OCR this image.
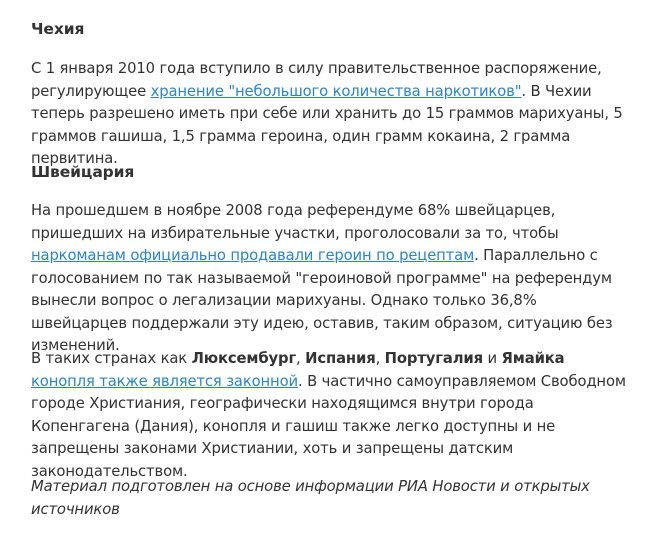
Чехия

С 1 января 2010 года вступило в силу правительственное распоряжение, регулирующее хранение "небольшого количества наркотиков". В Чехии теперь разрешено иметь при себе или хранить до 15 граммов марихуаны, 5 граммов гашиша, 1,5 грамма героина, один грамм кокаина, 2 грамма первитина.

Швейцария

На прошедшем в ноябре 2008 года референдуме 68% швейцарцев, пришедших на избирательные участки, проголосовали за то, чтобы наркоманам официально продавали героин по рецептам. Параллельно с голосованием по так называемой "героиновой программе" на референдум вынесли вопрос о легализации марихуаны. Однако только 36,8% швейцарцев поддержали эту идею, оставив, таким образом, ситуацию без изменений.

В таких странах как Люксембург, Испания, Португалия и Ямайка конопля также является законной. В частично самоуправляемом Свободном городе Христиания, географически находящимся внутри города Копенгагена (Дания), конопля и гашиш также легко доступны и не запрещены законами Христиании, хоть и запрещены датским законодательством.

Материал подготовлен на основе информации РИА Новости и открытых источников
